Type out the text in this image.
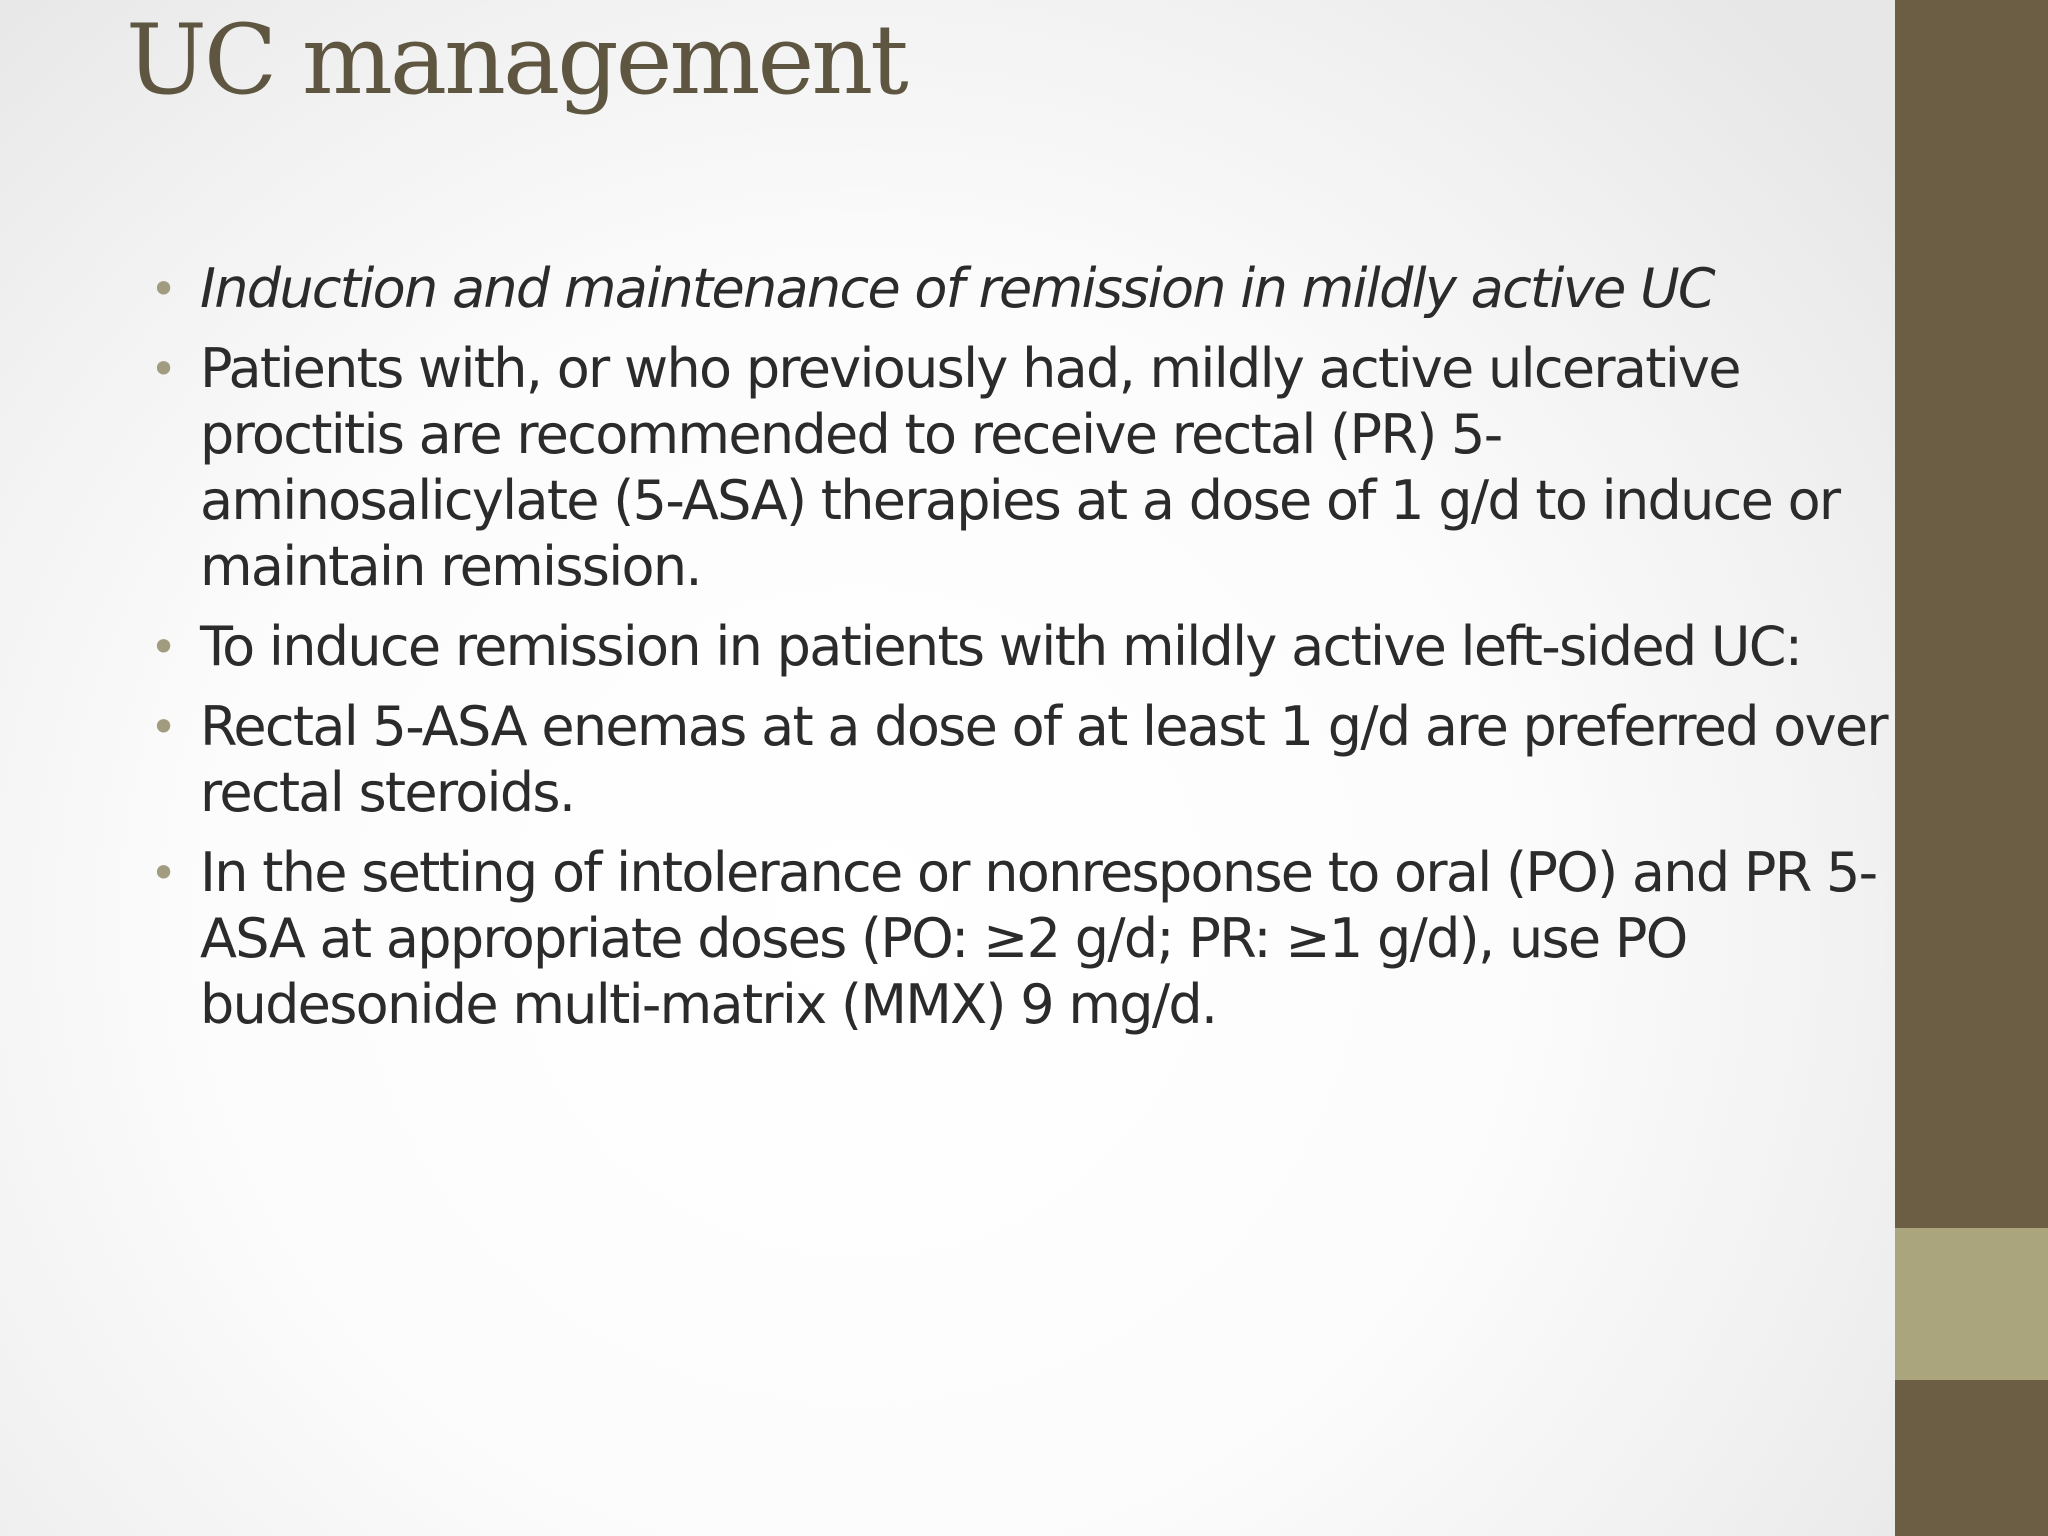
UC management
• Induction and maintenance of remission in mildly active UC
• Patients with, or who previously had, mildly active ulcerative proctitis are recommended to receive rectal (PR) 5-aminosalicylate (5-ASA) therapies at a dose of 1 g/d to induce or maintain remission.
• To induce remission in patients with mildly active left-sided UC:
• Rectal 5-ASA enemas at a dose of at least 1 g/d are preferred over rectal steroids.
• In the setting of intolerance or nonresponse to oral (PO) and PR 5-ASA at appropriate doses (PO: ≥2 g/d; PR: ≥1 g/d), use PO budesonide multi-matrix (MMX) 9 mg/d.
